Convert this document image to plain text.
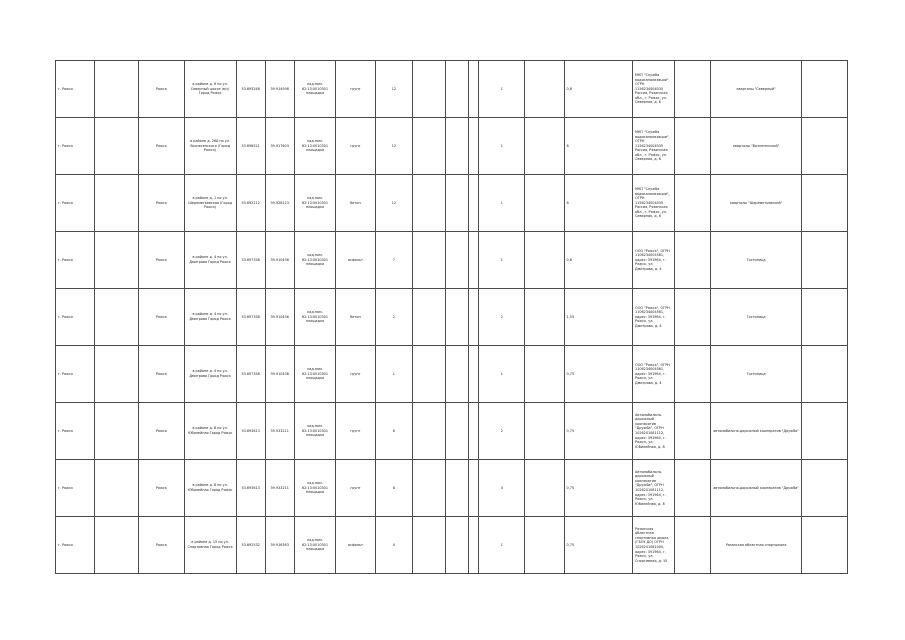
г. Ряжск		Ряжск	в районе д. 6 по ул. Северный шоссе (в/ч) Город Ряжск	53.693248	39.914598	кад.ном. 62:13:0010301 площадка	грунт	12				1		0,8	МКП "Служба водоканализации", ОГРН 1156234004035 Россия, Рязанская обл., г. Ряжск, ул. Северная, д. 6		кварталы "Северный"	
г. Ряжск		Ряжск	в районе д. 26А по ул. Вознесенского (Город Ряжск)	53.696521	39.917603	кад.ном. 62:13:0010301 площадка	грунт	12				1		8	МКП "Служба водоканализации", ОГРН 1156234004035 Россия, Рязанская обл., г. Ряжск, ул. Северная, д. 6		кварталы "Вознесенский"	
г. Ряжск		Ряжск	в районе д. 1 по ул. Шереметьевская (Город Ряжск)	53.692212	39.928123	кад.ном. 62:13:0010301 площадка	бетон	12				1		8	МКП "Служба водоканализации", ОГРН 1156234004035 Россия, Рязанская обл., г. Ряжск, ул. Северная, д. 6		кварталы "Шереметьевский"	
г. Ряжск		Ряжск	в районе д. 4 по ул. Дмитрова Город Ряжск	53.697358	39.910436	кад.ном. 62:13:0010301 площадка	асфальт	7				1		0,8	ООО "Ряжск", ОГРН 1106234004561, адрес: 391964, г. Ряжск, ул. Дмитрова, д. 4		Гостиница	
г. Ряжск		Ряжск	в районе д. 4 по ул. Дмитрова Город Ряжск	53.697358	39.910436	кад.ном. 62:13:0010301 площадка	бетон	2				2		1,55	ООО "Ряжск", ОГРН 1106234004561, адрес: 391964, г. Ряжск, ул. Дмитрова, д. 4		Гостиница	
г. Ряжск		Ряжск	в районе д. 4 по ул. Дмитрова Город Ряжск	53.697358	39.910436	кад.ном. 62:13:0010301 площадка	грунт	1				1		0,75	ООО "Ряжск", ОГРН 1106234004561, адрес: 391964, г. Ряжск, ул. Дмитрова, д. 4		Гостиница	
г. Ряжск		Ряжск	в районе д. 8 по ул. Юбилейная Город Ряжск	53.693613	39.933211	кад.ном. 62:13:0010301 площадка	грунт	6				2		0,75	Автомобильно-дорожный кооператив "Дружба", ОГРН 1026201081112, адрес: 391964, г. Ряжск, ул. Юбилейная, д. 8		автомобильно-дорожный кооператив "Дружба"	
г. Ряжск		Ряжск	в районе д. 8 по ул. Юбилейная Город Ряжск	53.693613	39.933211	кад.ном. 62:13:0010301 площадка	грунт	8				4		0,75	Автомобильно-дорожный кооператив "Дружба", ОГРН 1026201081112, адрес: 391964, г. Ряжск, ул. Юбилейная, д. 8		автомобильно-дорожный кооператив "Дружба"	
г. Ряжск		Ряжск	в районе д. 15 по ул. Спортивная Город Ряжск	53.692532	39.916363	кад.ном. 62:13:0010301 площадка	асфальт	4				1		0,75	Рязанская областная спортивная школа (ГБОУ ДО) ОГРН 1026201081000, адрес: 391964, г. Ряжск, ул. Спортивная, д. 15		Рязанская областная спортшкола	
